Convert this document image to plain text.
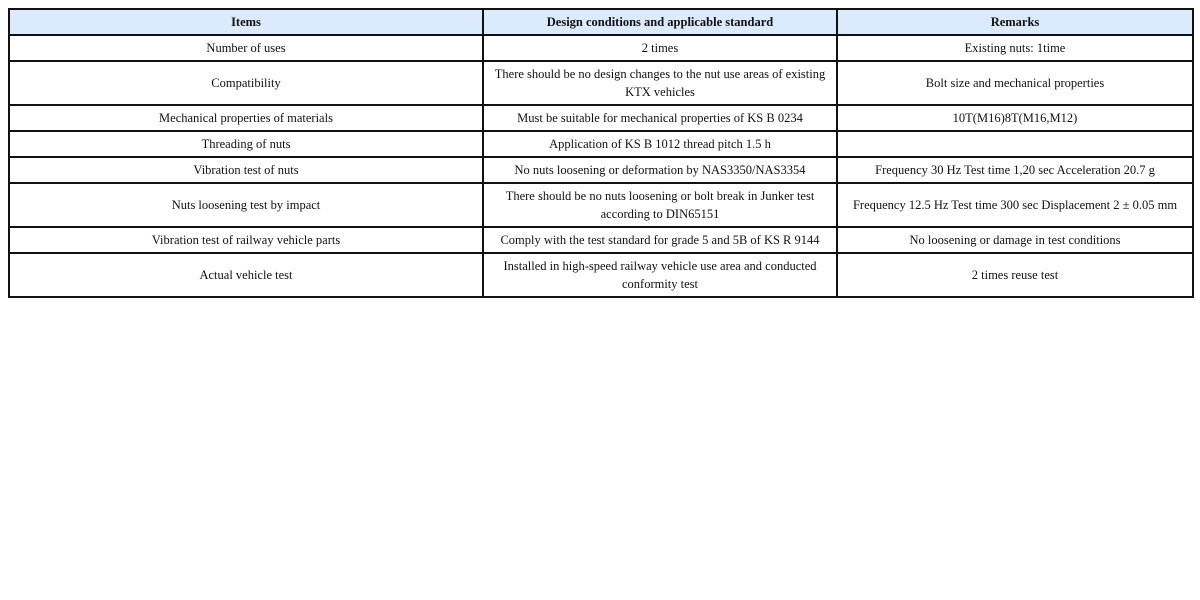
Items	Design conditions and applicable standard	Remarks
Number of uses	2 times	Existing nuts: 1time
Compatibility	There should be no design changes to the nut use areas of existing KTX vehicles	Bolt size and mechanical properties
Mechanical properties of materials	Must be suitable for mechanical properties of KS B 0234	10T(M16)8T(M16,M12)
Threading of nuts	Application of KS B 1012 thread pitch 1.5 h	
Vibration test of nuts	No nuts loosening or deformation by NAS3350/NAS3354	Frequency 30 Hz Test time 1,20 sec Acceleration 20.7 g
Nuts loosening test by impact	There should be no nuts loosening or bolt break in Junker test according to DIN65151	Frequency 12.5 Hz Test time 300 sec Displacement 2 ± 0.05 mm
Vibration test of railway vehicle parts	Comply with the test standard for grade 5 and 5B of KS R 9144	No loosening or damage in test conditions
Actual vehicle test	Installed in high-speed railway vehicle use area and conducted conformity test	2 times reuse test
